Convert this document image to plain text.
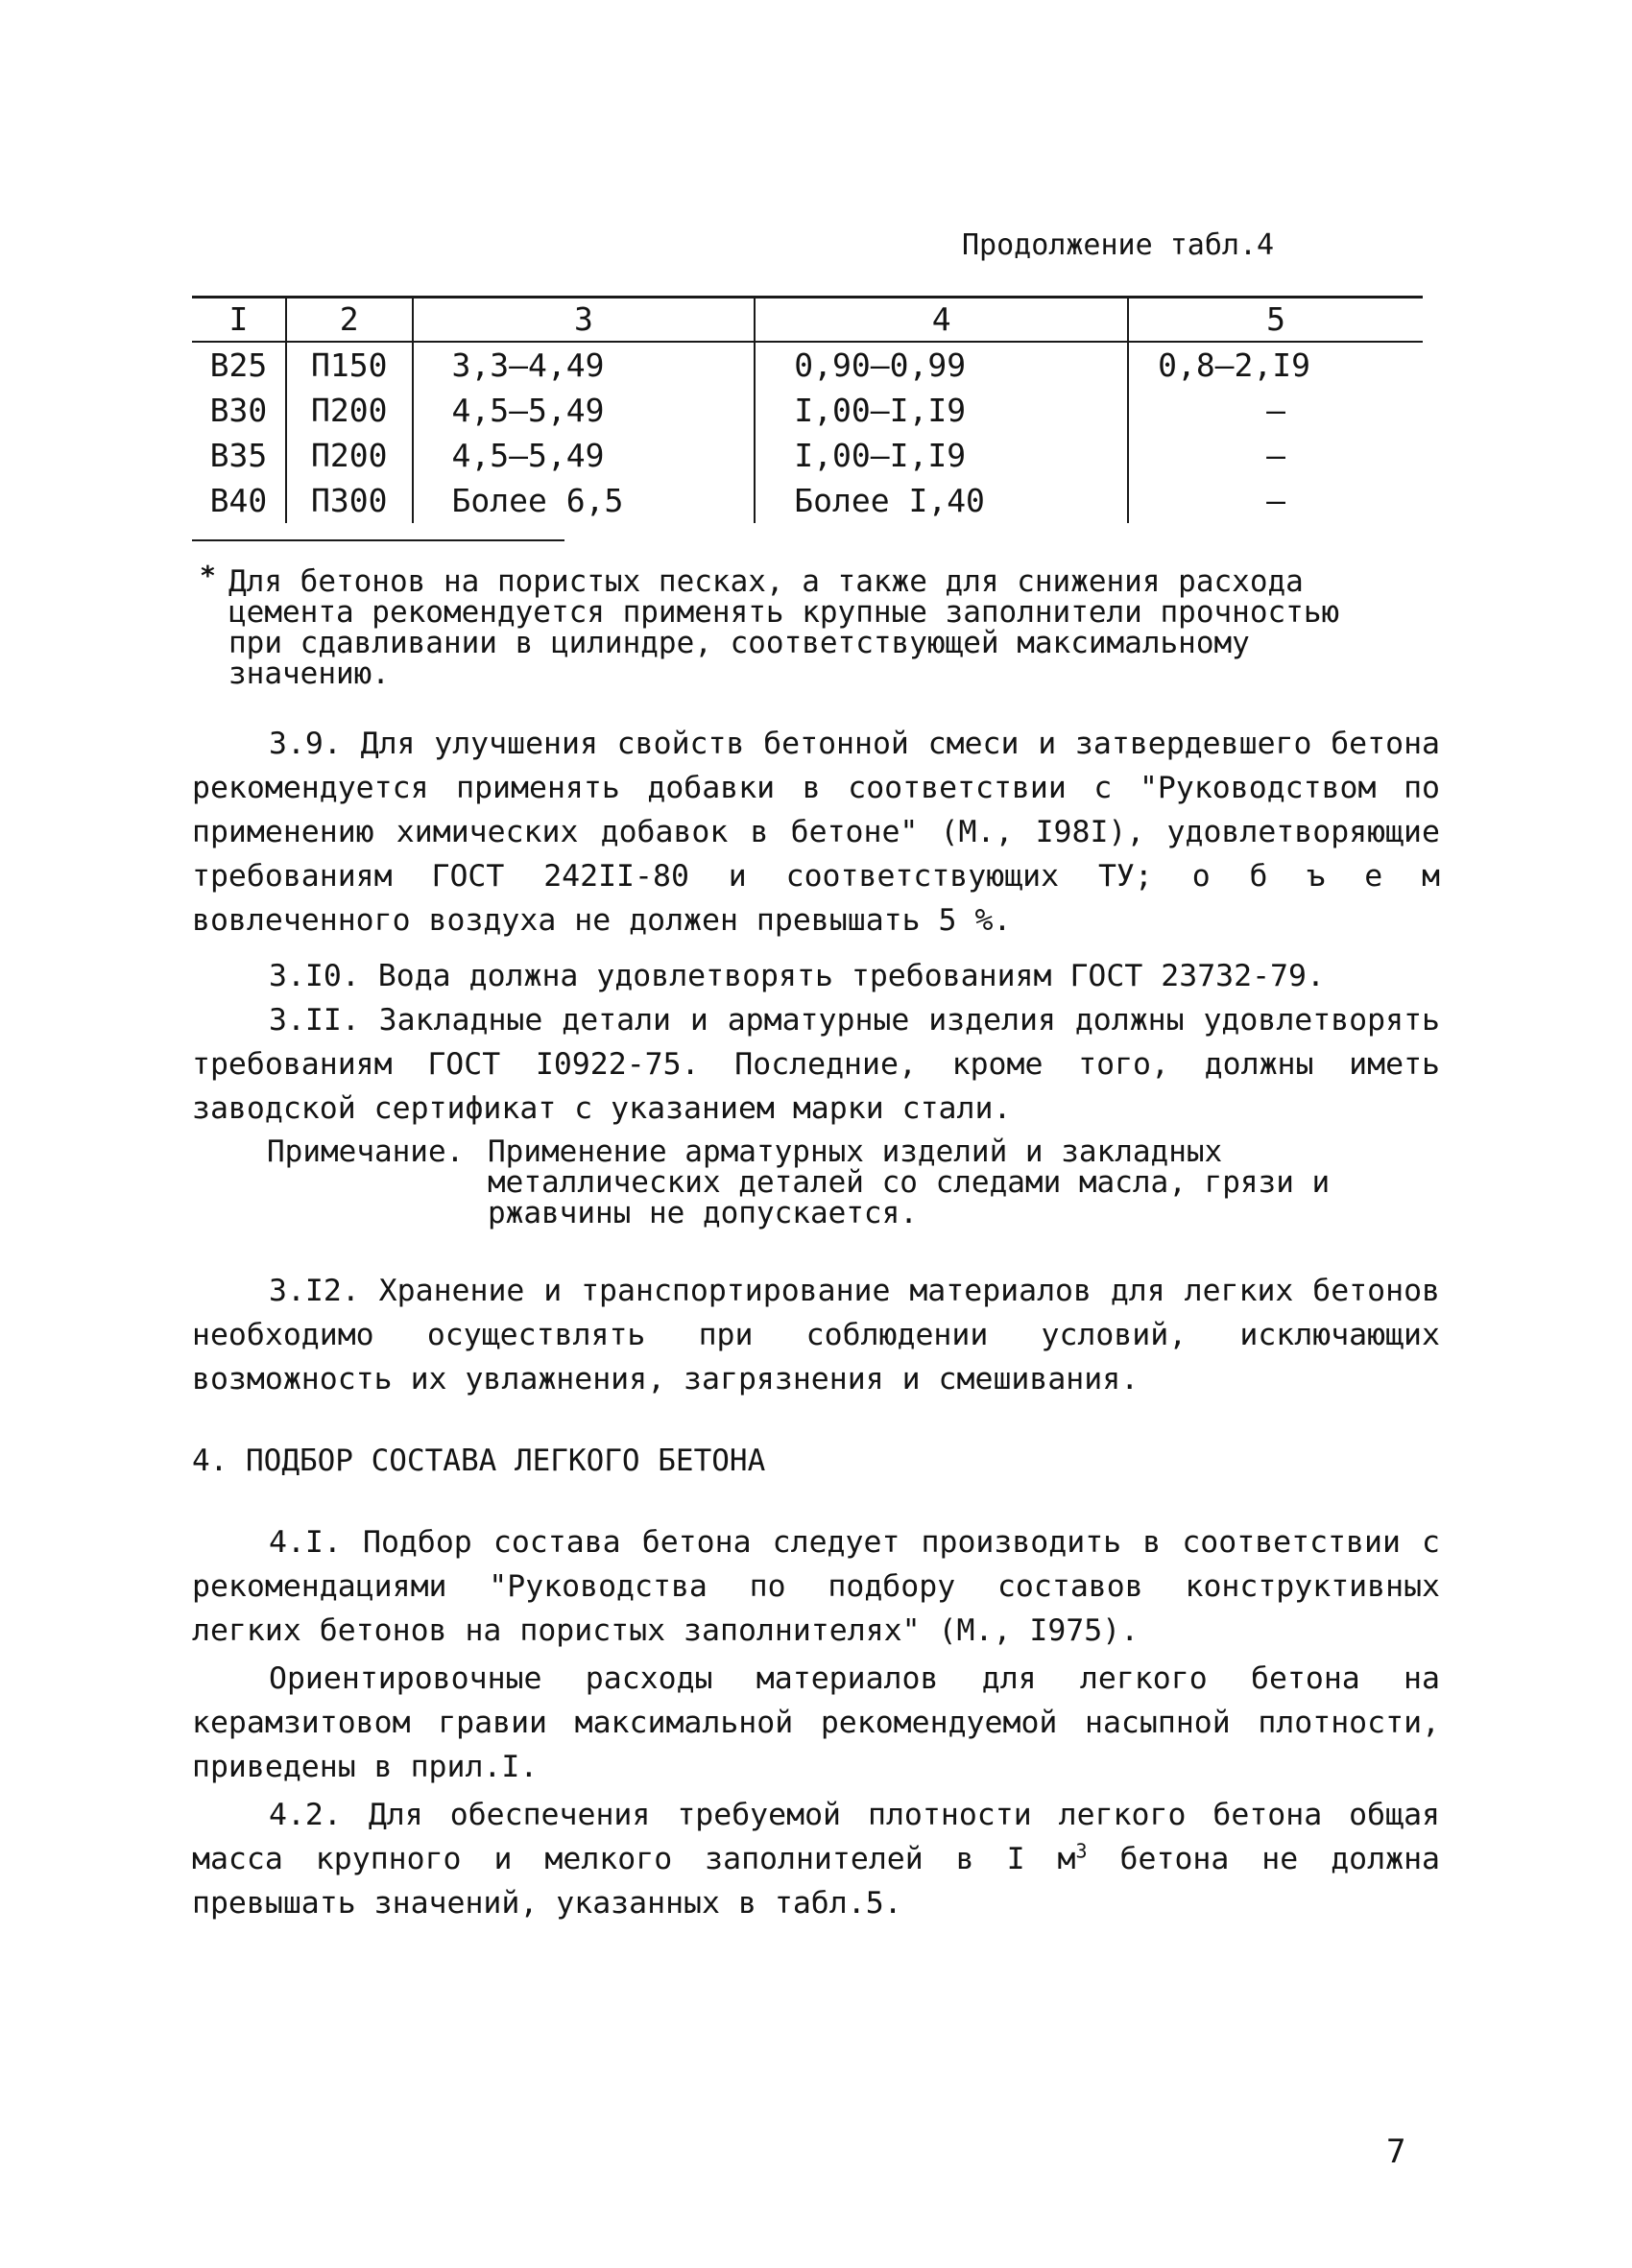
Продолжение табл.4
I	2	3	4	5
B25	П150	3,3–4,49	0,90–0,99	0,8–2,I9
B30	П200	4,5–5,49	I,00–I,I9	–
B35	П200	4,5–5,49	I,00–I,I9	–
B40	П300	Более 6,5	Более I,40	–
* Для бетонов на пористых песках, а также для снижения расхода цемента рекомендуется применять крупные заполнители прочностью при сдавливании в цилиндре, соответствующей максимальному значению.
3.9. Для улучшения свойств бетонной смеси и затвердевшего бетона рекомендуется применять добавки в соответствии с "Руководством по применению химических добавок в бетоне" (М., I98I), удовлетворяющие требованиям ГОСТ 242II-80 и соответствующих ТУ; о б ъ е м вовлеченного воздуха не должен превышать 5 %.
3.I0. Вода должна удовлетворять требованиям ГОСТ 23732-79.
3.II. Закладные детали и арматурные изделия должны удовлетворять требованиям ГОСТ I0922-75. Последние, кроме того, должны иметь заводской сертификат с указанием марки стали.
Примечание. Применение арматурных изделий и закладных металлических деталей со следами масла, грязи и ржавчины не допускается.
3.I2. Хранение и транспортирование материалов для легких бетонов необходимо осуществлять при соблюдении условий, исключающих возможность их увлажнения, загрязнения и смешивания.
4. ПОДБОР СОСТАВА ЛЕГКОГО БЕТОНА
4.I. Подбор состава бетона следует производить в соответствии с рекомендациями "Руководства по подбору составов конструктивных легких бетонов на пористых заполнителях" (М., I975).
Ориентировочные расходы материалов для легкого бетона на керамзитовом гравии максимальной рекомендуемой насыпной плотности, приведены в прил.I.
4.2. Для обеспечения требуемой плотности легкого бетона общая масса крупного и мелкого заполнителей в I $м^3$ бетона не должна превышать значений, указанных в табл.5.
7
